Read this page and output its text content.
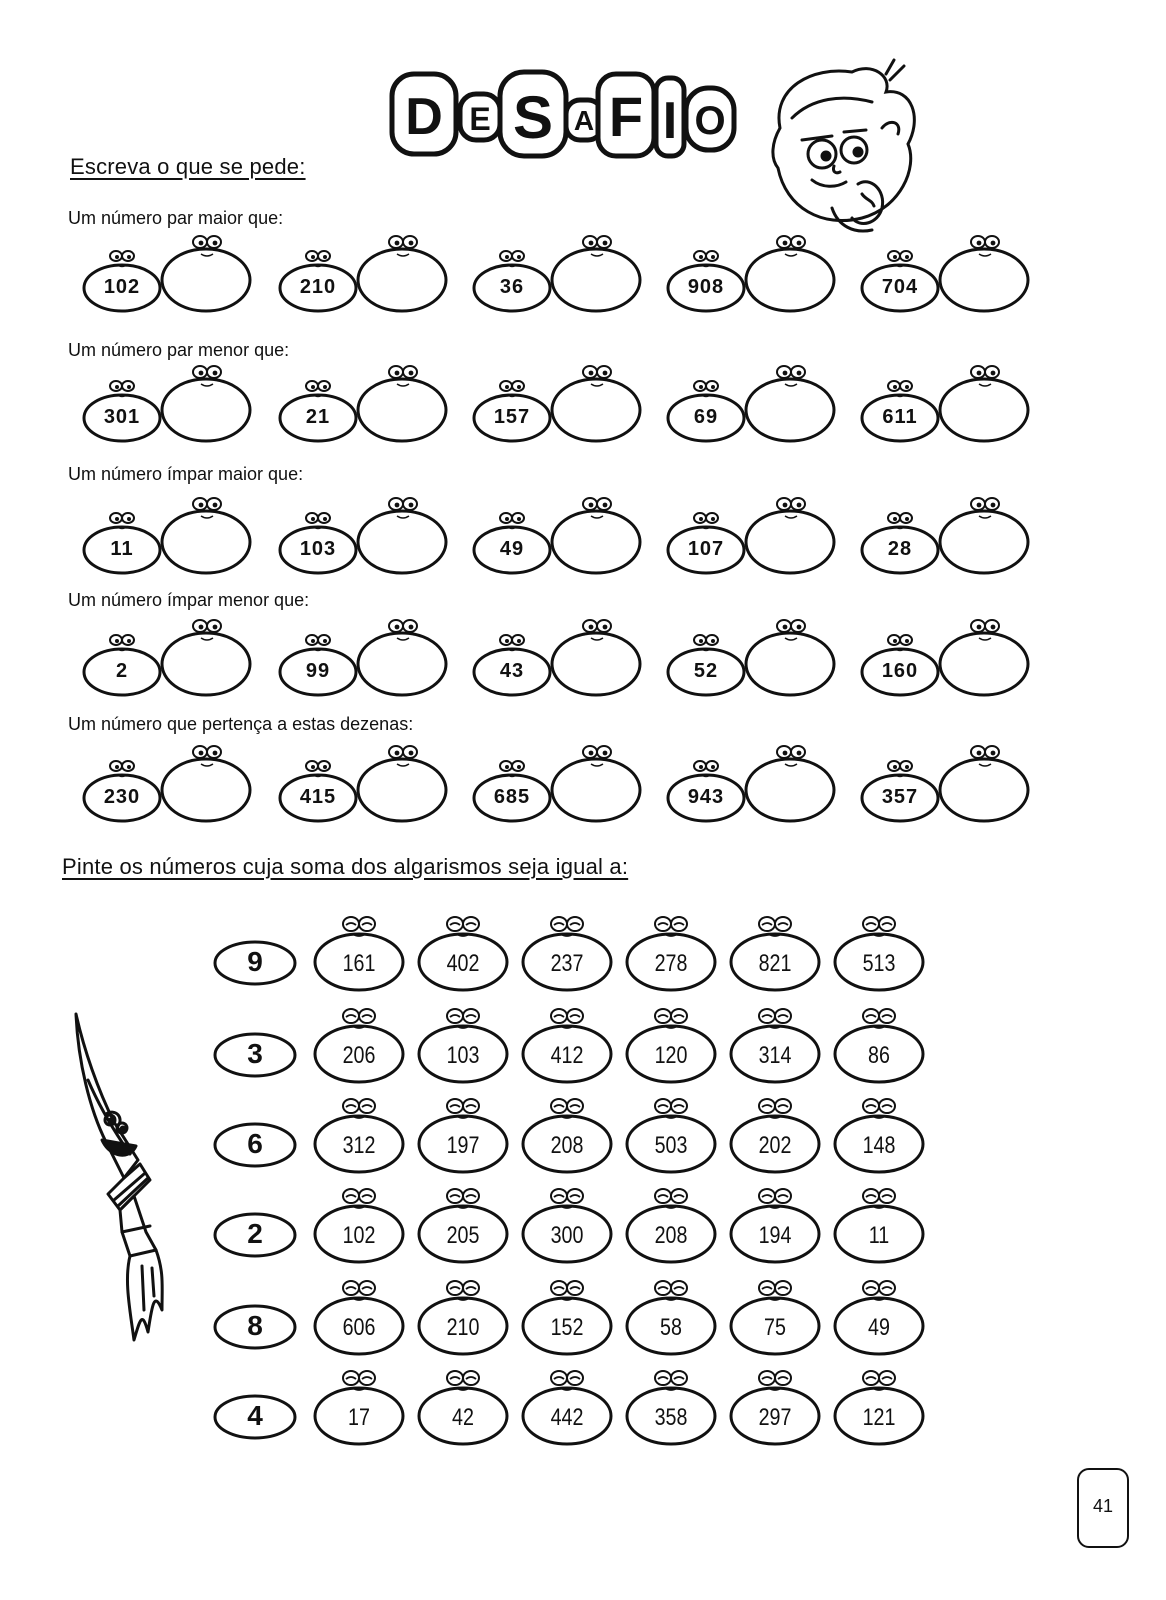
D E S A F I O
Escreva o que se pede:
Um número par maior que:
102	210	36	908	704
Um número par menor que:
301	21	157	69	611
Um número ímpar maior que:
11	103	49	107	28
Um número ímpar menor que:
2	99	43	52	160
Um número que pertença a estas dezenas:
230	415	685	943	357
Pinte os números cuja soma dos algarismos seja igual a:
9	161	402	237	278	821	513
3	206	103	412	120	314	86
6	312	197	208	503	202	148
2	102	205	300	208	194	11
8	606	210	152	58	75	49
4	17	42	442	358	297	121
41
